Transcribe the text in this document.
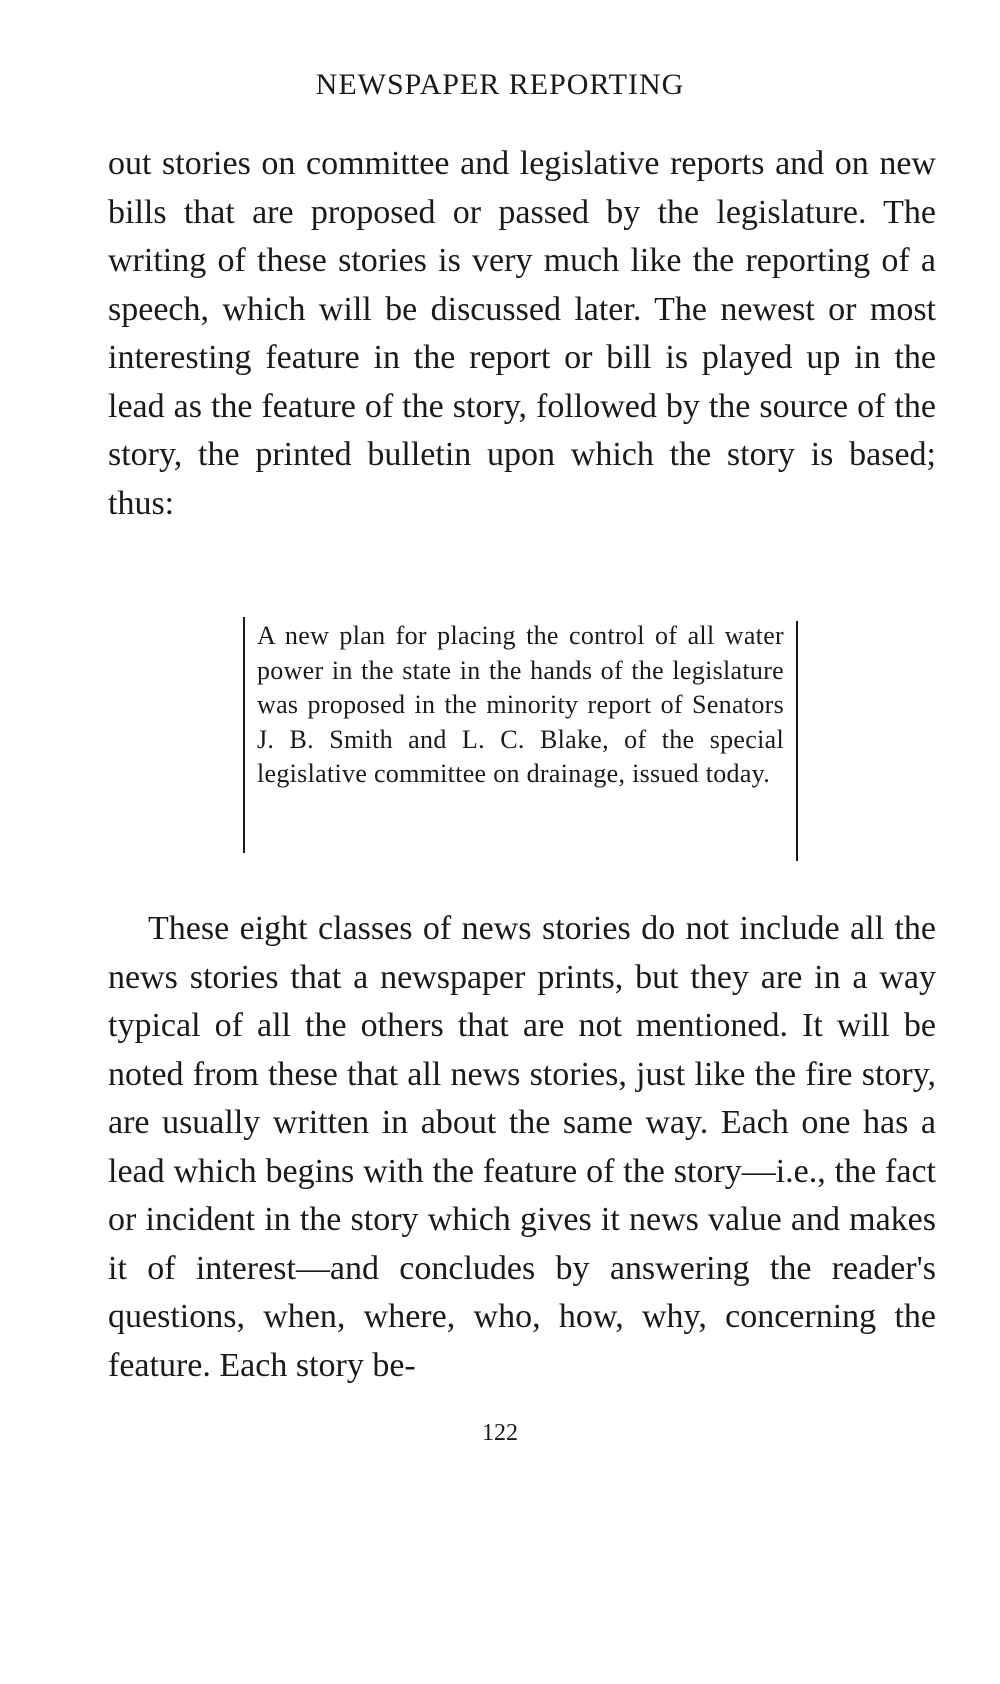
NEWSPAPER REPORTING

out stories on committee and legislative reports and on new bills that are proposed or passed by the legislature. The writing of these stories is very much like the reporting of a speech, which will be discussed later. The newest or most interesting feature in the report or bill is played up in the lead as the feature of the story, followed by the source of the story, the printed bulletin upon which the story is based; thus:

A new plan for placing the control of all water power in the state in the hands of the legislature was proposed in the minority report of Senators J. B. Smith and L. C. Blake, of the special legislative committee on drainage, issued today.

These eight classes of news stories do not include all the news stories that a newspaper prints, but they are in a way typical of all the others that are not mentioned. It will be noted from these that all news stories, just like the fire story, are usually written in about the same way. Each one has a lead which begins with the feature of the story—i.e., the fact or incident in the story which gives it news value and makes it of interest—and concludes by answering the reader's questions, when, where, who, how, why, concerning the feature. Each story be-

122
